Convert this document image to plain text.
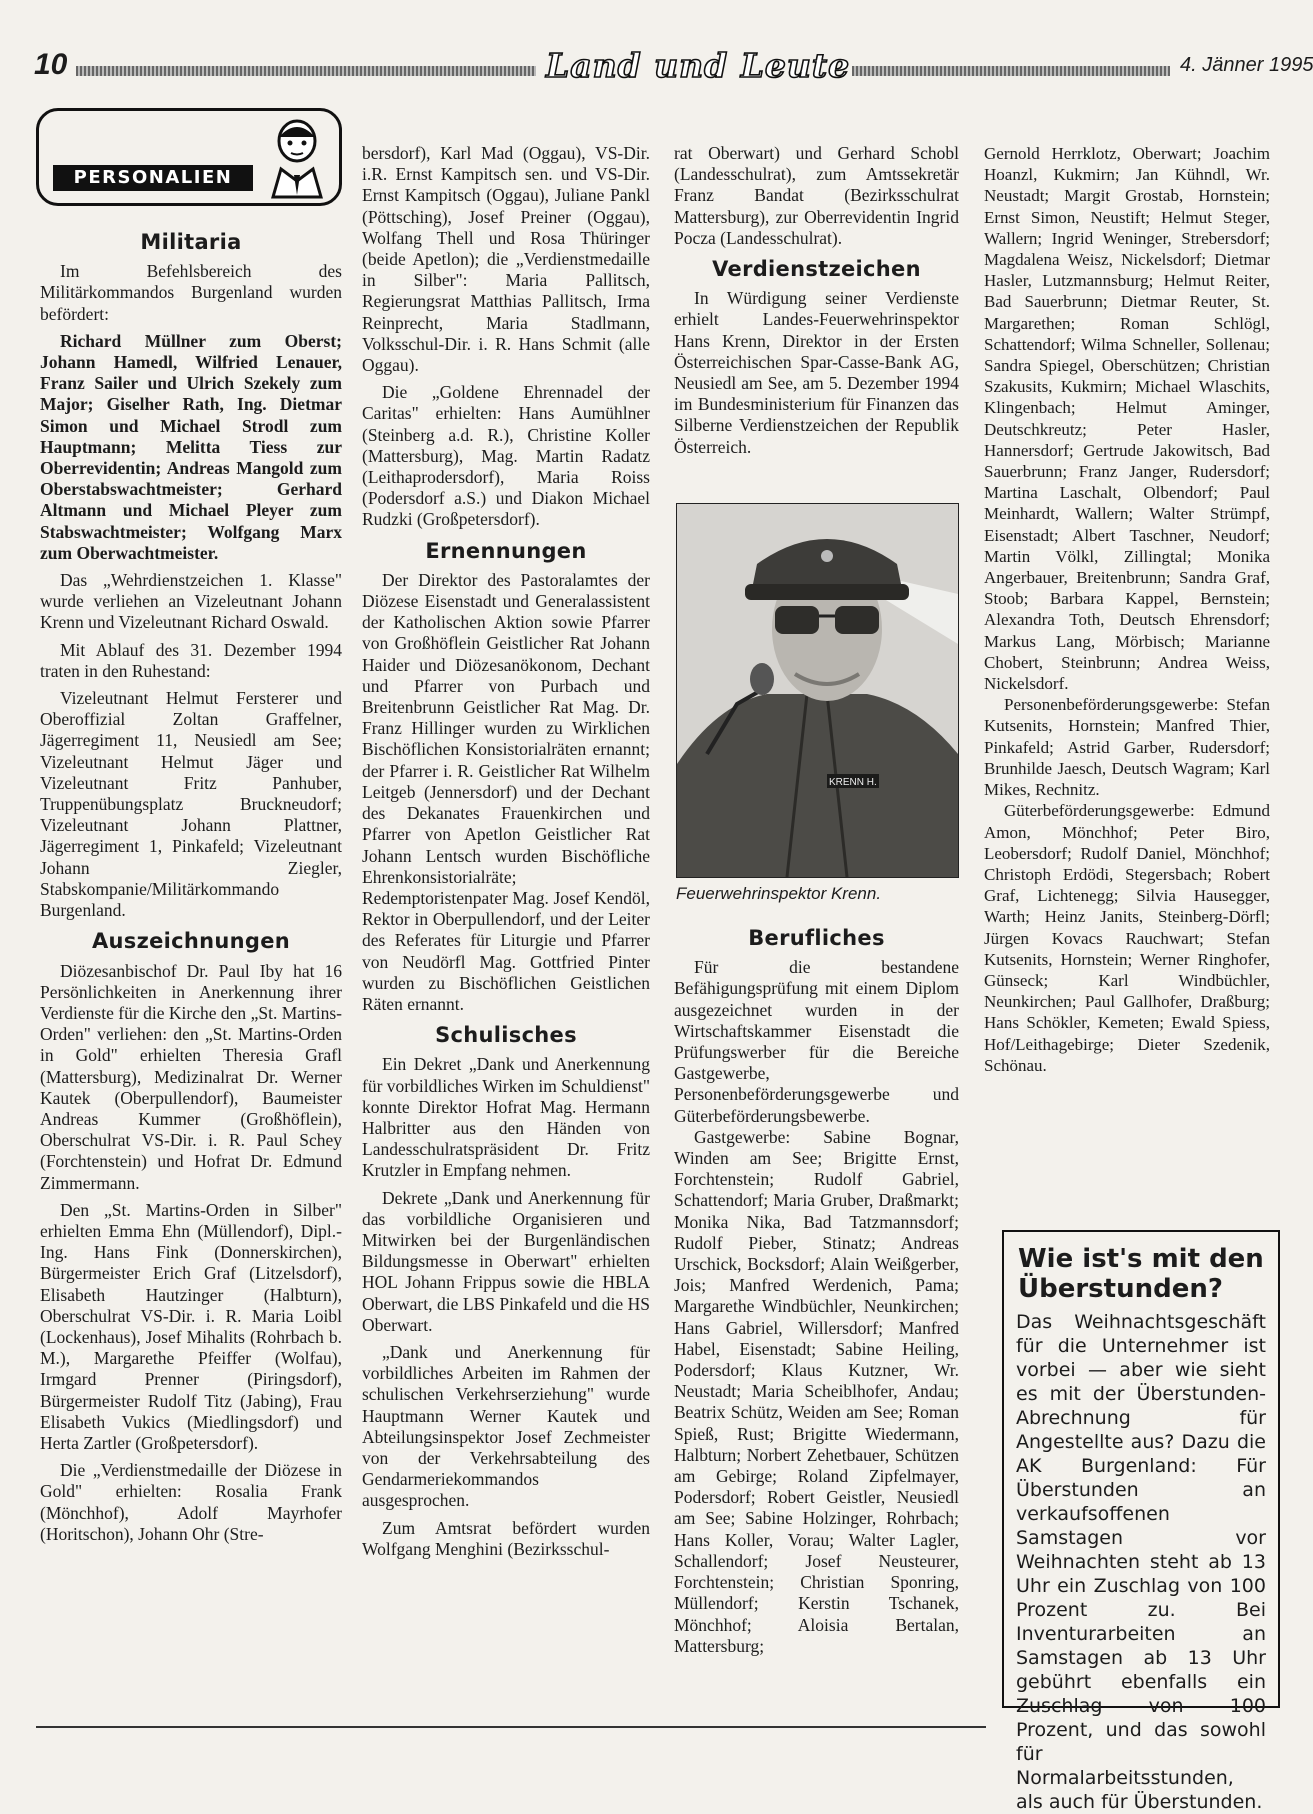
10	Land und Leute	4. Jänner 1995
PERSONALIEN
Militaria

Im Befehlsbereich des Militärkommandos Burgenland wurden befördert:

Richard Müllner zum Oberst; Johann Hamedl, Wilfried Lenauer, Franz Sailer und Ulrich Szekely zum Major; Giselher Rath, Ing. Dietmar Simon und Michael Strodl zum Hauptmann; Melitta Tiess zur Oberrevidentin; Andreas Mangold zum Oberstabswachtmeister; Gerhard Altmann und Michael Pleyer zum Stabswachtmeister; Wolfgang Marx zum Oberwachtmeister.

Das „Wehrdienstzeichen 1. Klasse" wurde verliehen an Vizeleutnant Johann Krenn und Vizeleutnant Richard Oswald.

Mit Ablauf des 31. Dezember 1994 traten in den Ruhestand:

Vizeleutnant Helmut Fersterer und Oberoffizial Zoltan Graffelner, Jägerregiment 11, Neusiedl am See; Vizeleutnant Helmut Jäger und Vizeleutnant Fritz Panhuber, Truppenübungsplatz Bruckneudorf; Vizeleutnant Johann Plattner, Jägerregiment 1, Pinkafeld; Vizeleutnant Johann Ziegler, Stabskompanie/Militärkommando Burgenland.

Auszeichnungen

Diözesanbischof Dr. Paul Iby hat 16 Persönlichkeiten in Anerkennung ihrer Verdienste für die Kirche den „St. Martins-Orden" verliehen: den „St. Martins-Orden in Gold" erhielten Theresia Grafl (Mattersburg), Medizinalrat Dr. Werner Kautek (Oberpullendorf), Baumeister Andreas Kummer (Großhöflein), Oberschulrat VS-Dir. i. R. Paul Schey (Forchtenstein) und Hofrat Dr. Edmund Zimmermann.

Den „St. Martins-Orden in Silber" erhielten Emma Ehn (Müllendorf), Dipl.-Ing. Hans Fink (Donnerskirchen), Bürgermeister Erich Graf (Litzelsdorf), Elisabeth Hautzinger (Halbturn), Oberschulrat VS-Dir. i. R. Maria Loibl (Lockenhaus), Josef Mihalits (Rohrbach b. M.), Margarethe Pfeiffer (Wolfau), Irmgard Prenner (Piringsdorf), Bürgermeister Rudolf Titz (Jabing), Frau Elisabeth Vukics (Miedlingsdorf) und Herta Zartler (Großpetersdorf).

Die „Verdienstmedaille der Diözese in Gold" erhielten: Rosalia Frank (Mönchhof), Adolf Mayrhofer (Horitschon), Johann Ohr (Stre-

bersdorf), Karl Mad (Oggau), VS-Dir. i.R. Ernst Kampitsch sen. und VS-Dir. Ernst Kampitsch (Oggau), Juliane Pankl (Pöttsching), Josef Preiner (Oggau), Wolfang Thell und Rosa Thüringer (beide Apetlon); die „Verdienstmedaille in Silber": Maria Pallitsch, Regierungsrat Matthias Pallitsch, Irma Reinprecht, Maria Stadlmann, Volksschul-Dir. i. R. Hans Schmit (alle Oggau).

Die „Goldene Ehrennadel der Caritas" erhielten: Hans Aumühlner (Steinberg a.d. R.), Christine Koller (Mattersburg), Mag. Martin Radatz (Leithaprodersdorf), Maria Roiss (Podersdorf a.S.) und Diakon Michael Rudzki (Großpetersdorf).

Ernennungen

Der Direktor des Pastoralamtes der Diözese Eisenstadt und Generalassistent der Katholischen Aktion sowie Pfarrer von Großhöflein Geistlicher Rat Johann Haider und Diözesanökonom, Dechant und Pfarrer von Purbach und Breitenbrunn Geistlicher Rat Mag. Dr. Franz Hillinger wurden zu Wirklichen Bischöflichen Konsistorialräten ernannt; der Pfarrer i. R. Geistlicher Rat Wilhelm Leitgeb (Jennersdorf) und der Dechant des Dekanates Frauenkirchen und Pfarrer von Apetlon Geistlicher Rat Johann Lentsch wurden Bischöfliche Ehrenkonsistorialräte; Redemptoristenpater Mag. Josef Kendöl, Rektor in Oberpullendorf, und der Leiter des Referates für Liturgie und Pfarrer von Neudörfl Mag. Gottfried Pinter wurden zu Bischöflichen Geistlichen Räten ernannt.

Schulisches

Ein Dekret „Dank und Anerkennung für vorbildliches Wirken im Schuldienst" konnte Direktor Hofrat Mag. Hermann Halbritter aus den Händen von Landesschulratspräsident Dr. Fritz Krutzler in Empfang nehmen.

Dekrete „Dank und Anerkennung für das vorbildliche Organisieren und Mitwirken bei der Burgenländischen Bildungsmesse in Oberwart" erhielten HOL Johann Frippus sowie die HBLA Oberwart, die LBS Pinkafeld und die HS Oberwart.

„Dank und Anerkennung für vorbildliches Arbeiten im Rahmen der schulischen Verkehrserziehung" wurde Hauptmann Werner Kautek und Abteilungsinspektor Josef Zechmeister von der Verkehrsabteilung des Gendarmeriekommandos ausgesprochen.

Zum Amtsrat befördert wurden Wolfgang Menghini (Bezirksschul-

rat Oberwart) und Gerhard Schobl (Landesschulrat), zum Amtssekretär Franz Bandat (Bezirksschulrat Mattersburg), zur Oberrevidentin Ingrid Pocza (Landesschulrat).

Verdienstzeichen

In Würdigung seiner Verdienste erhielt Landes-Feuerwehrinspektor Hans Krenn, Direktor in der Ersten Österreichischen Spar-Casse-Bank AG, Neusiedl am See, am 5. Dezember 1994 im Bundesministerium für Finanzen das Silberne Verdienstzeichen der Republik Österreich.

KRENN H.
Feuerwehrinspektor Krenn.
Berufliches

Für die bestandene Befähigungsprüfung mit einem Diplom ausgezeichnet wurden in der Wirtschaftskammer Eisenstadt die Prüfungswerber für die Bereiche Gastgewerbe, Personenbeförderungsgewerbe und Güterbeförderungsbewerbe.

Gastgewerbe: Sabine Bognar, Winden am See; Brigitte Ernst, Forchtenstein; Rudolf Gabriel, Schattendorf; Maria Gruber, Draßmarkt; Monika Nika, Bad Tatzmannsdorf; Rudolf Pieber, Stinatz; Andreas Urschick, Bocksdorf; Alain Weißgerber, Jois; Manfred Werdenich, Pama; Margarethe Windbüchler, Neunkirchen; Hans Gabriel, Willersdorf; Manfred Habel, Eisenstadt; Sabine Heiling, Podersdorf; Klaus Kutzner, Wr. Neustadt; Maria Scheiblhofer, Andau; Beatrix Schütz, Weiden am See; Roman Spieß, Rust; Brigitte Wiedermann, Halbturn; Norbert Zehetbauer, Schützen am Gebirge; Roland Zipfelmayer, Podersdorf; Robert Geistler, Neusiedl am See; Sabine Holzinger, Rohrbach; Hans Koller, Vorau; Walter Lagler, Schallendorf; Josef Neusteurer, Forchtenstein; Christian Sponring, Müllendorf; Kerstin Tschanek, Mönchhof; Aloisia Bertalan, Mattersburg;

Gernold Herrklotz, Oberwart; Joachim Hoanzl, Kukmirn; Jan Kühndl, Wr. Neustadt; Margit Grostab, Hornstein; Ernst Simon, Neustift; Helmut Steger, Wallern; Ingrid Weninger, Strebersdorf; Magdalena Weisz, Nickelsdorf; Dietmar Hasler, Lutzmannsburg; Helmut Reiter, Bad Sauerbrunn; Dietmar Reuter, St. Margarethen; Roman Schlögl, Schattendorf; Wilma Schneller, Sollenau; Sandra Spiegel, Oberschützen; Christian Szakusits, Kukmirn; Michael Wlaschits, Klingenbach; Helmut Aminger, Deutschkreutz; Peter Hasler, Hannersdorf; Gertrude Jakowitsch, Bad Sauerbrunn; Franz Janger, Rudersdorf; Martina Laschalt, Olbendorf; Paul Meinhardt, Wallern; Walter Strümpf, Eisenstadt; Albert Taschner, Neudorf; Martin Völkl, Zillingtal; Monika Angerbauer, Breitenbrunn; Sandra Graf, Stoob; Barbara Kappel, Bernstein; Alexandra Toth, Deutsch Ehrensdorf; Markus Lang, Mörbisch; Marianne Chobert, Steinbrunn; Andrea Weiss, Nickelsdorf.

Personenbeförderungsgewerbe: Stefan Kutsenits, Hornstein; Manfred Thier, Pinkafeld; Astrid Garber, Rudersdorf; Brunhilde Jaesch, Deutsch Wagram; Karl Mikes, Rechnitz.

Güterbeförderungsgewerbe: Edmund Amon, Mönchhof; Peter Biro, Leobersdorf; Rudolf Daniel, Mönchhof; Christoph Erdödi, Stegersbach; Robert Graf, Lichtenegg; Silvia Hausegger, Warth; Heinz Janits, Steinberg-Dörfl; Jürgen Kovacs Rauchwart; Stefan Kutsenits, Hornstein; Werner Ringhofer, Günseck; Karl Windbüchler, Neunkirchen; Paul Gallhofer, Draßburg; Hans Schökler, Kemeten; Ewald Spiess, Hof/Leithagebirge; Dieter Szedenik, Schönau.

Wie ist's mit den Überstunden?

Das Weihnachtsgeschäft für die Unternehmer ist vorbei — aber wie sieht es mit der Überstunden-Abrechnung für Angestellte aus? Dazu die AK Burgenland: Für Überstunden an verkaufsoffenen Samstagen vor Weihnachten steht ab 13 Uhr ein Zuschlag von 100 Prozent zu. Bei Inventurarbeiten an Samstagen ab 13 Uhr gebührt ebenfalls ein Zuschlag von 100 Prozent, und das sowohl für Normalarbeitsstunden, als auch für Überstunden.
